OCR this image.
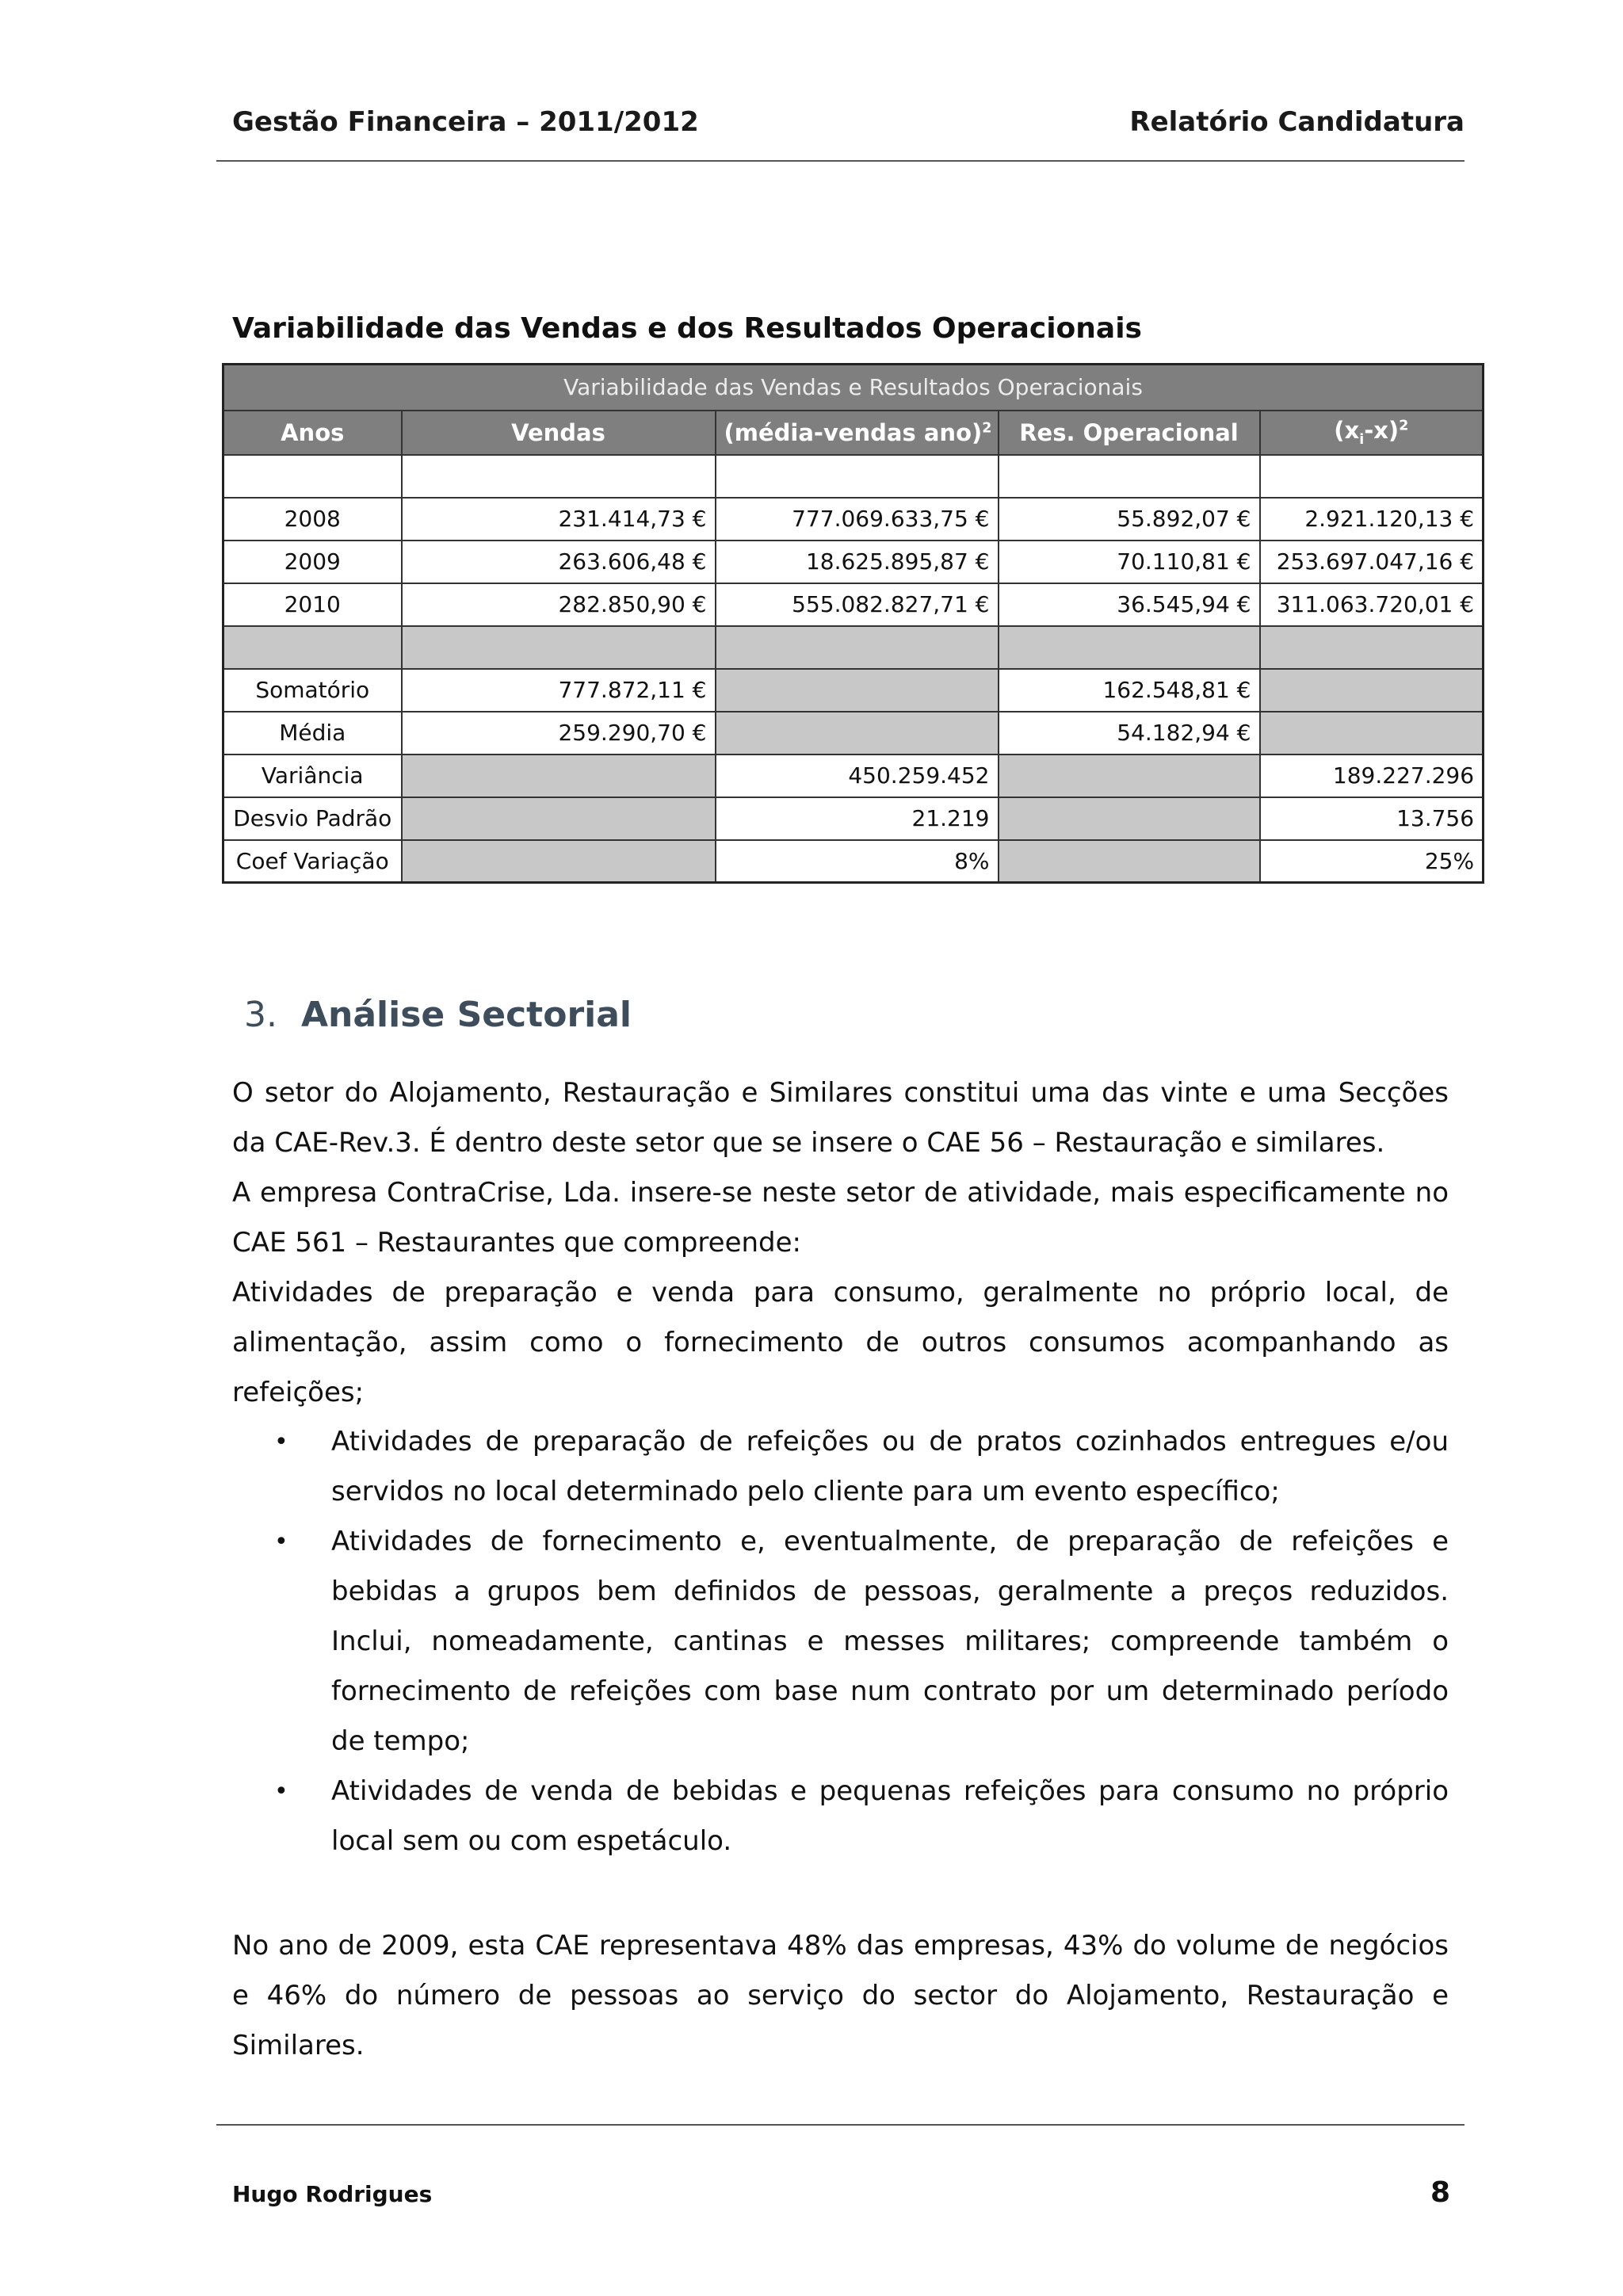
Gestão Financeira – 2011/2012	Relatório Candidatura
Variabilidade das Vendas e dos Resultados Operacionais
Variabilidade das Vendas e Resultados Operacionais				
Anos	Vendas	(média-vendas ano)$^2$	Res. Operacional	$(x_i-x)^2$

2008	231.414,73 €	777.069.633,75 €	55.892,07 €	2.921.120,13 €
2009	263.606,48 €	18.625.895,87 €	70.110,81 €	253.697.047,16 €
2010	282.850,90 €	555.082.827,71 €	36.545,94 €	311.063.720,01 €

Somatório	777.872,11 €		162.548,81 €	
Média	259.290,70 €		54.182,94 €	
Variância		450.259.452		189.227.296
Desvio Padrão		21.219		13.756
Coef Variação		8%		25%
3. Análise Sectorial

O setor do Alojamento, Restauração e Similares constitui uma das vinte e uma Secções da CAE-Rev.3. É dentro deste setor que se insere o CAE 56 – Restauração e similares.

A empresa ContraCrise, Lda. insere-se neste setor de atividade, mais especificamente no CAE 561 – Restaurantes que compreende:

Atividades de preparação e venda para consumo, geralmente no próprio local, de alimentação, assim como o fornecimento de outros consumos acompanhando as refeições;

• Atividades de preparação de refeições ou de pratos cozinhados entregues e/ou servidos no local determinado pelo cliente para um evento específico;
• Atividades de fornecimento e, eventualmente, de preparação de refeições e bebidas a grupos bem definidos de pessoas, geralmente a preços reduzidos. Inclui, nomeadamente, cantinas e messes militares; compreende também o fornecimento de refeições com base num contrato por um determinado período de tempo;
• Atividades de venda de bebidas e pequenas refeições para consumo no próprio local sem ou com espetáculo.
No ano de 2009, esta CAE representava 48% das empresas, 43% do volume de negócios e 46% do número de pessoas ao serviço do sector do Alojamento, Restauração e Similares.
Hugo Rodrigues	8
